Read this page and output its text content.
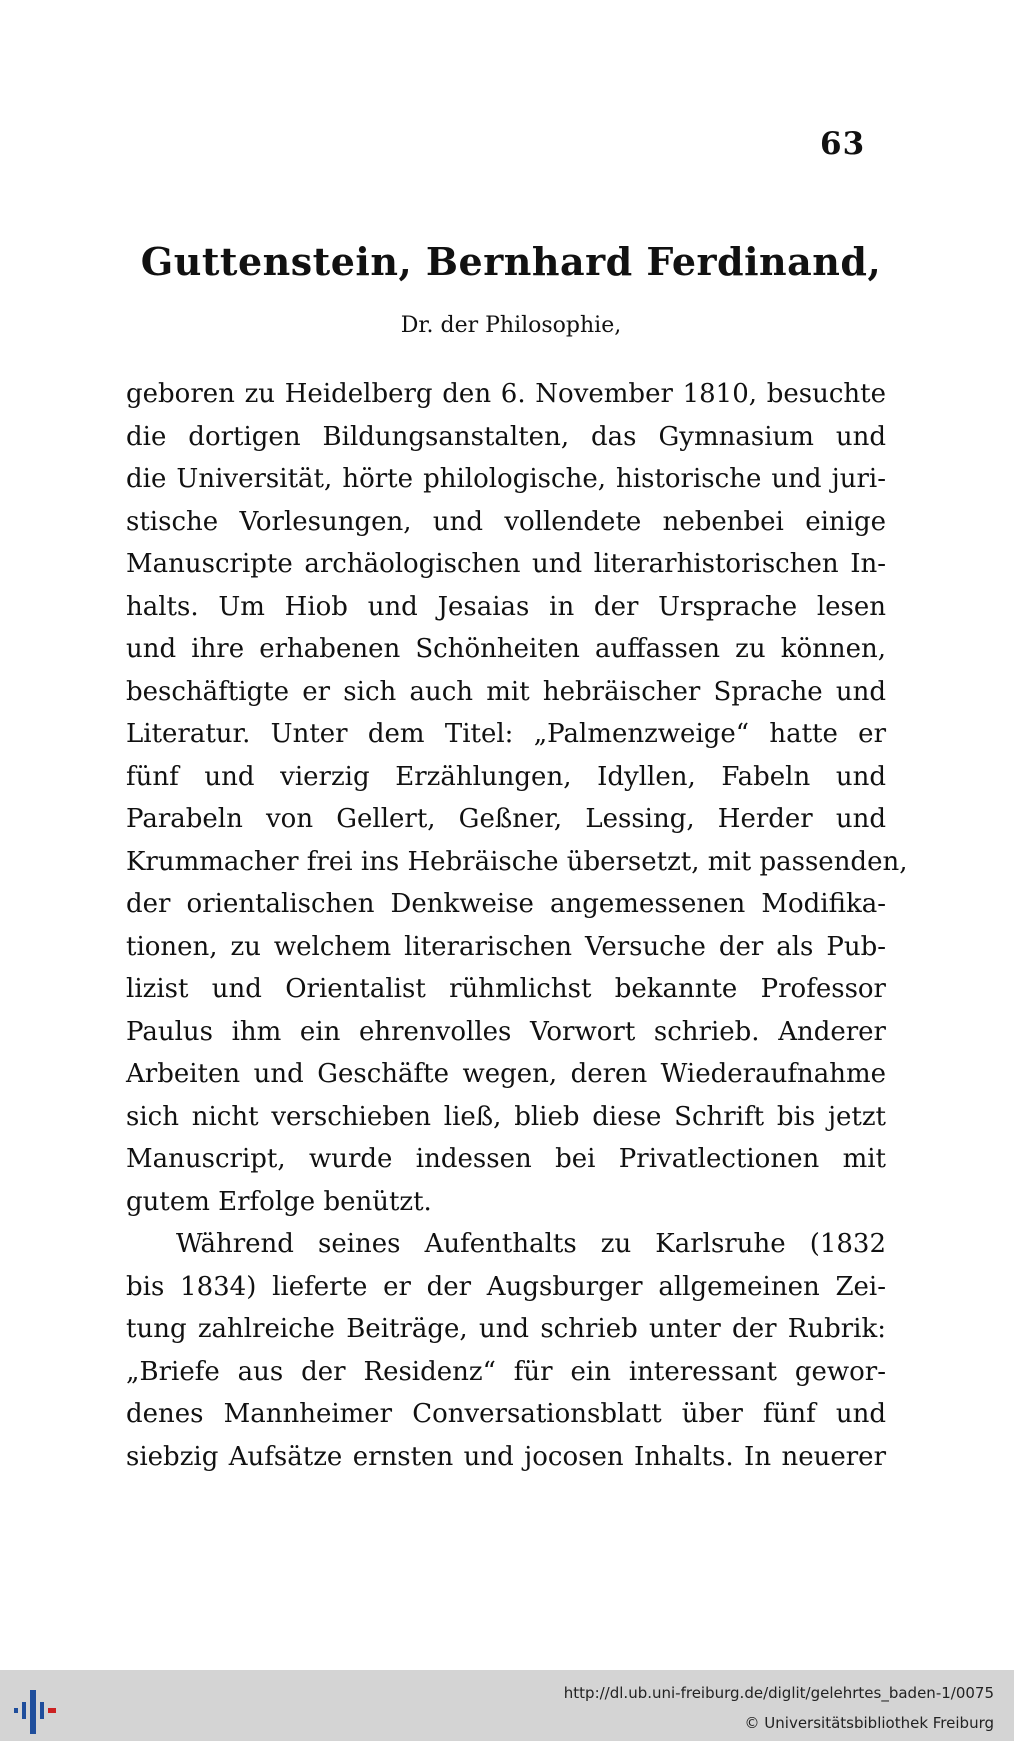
63
Guttenstein, Bernhard Ferdinand,
Dr. der Philosophie,
geboren zu Heidelberg den 6. November 1810, besuchte
die dortigen Bildungsanstalten, das Gymnasium und
die Universität, hörte philologische, historische und juri-
stische Vorlesungen, und vollendete nebenbei einige
Manuscripte archäologischen und literarhistorischen In-
halts. Um Hiob und Jesaias in der Ursprache lesen
und ihre erhabenen Schönheiten auffassen zu können,
beschäftigte er sich auch mit hebräischer Sprache und
Literatur. Unter dem Titel: „Palmenzweige“ hatte er
fünf und vierzig Erzählungen, Idyllen, Fabeln und
Parabeln von Gellert, Geßner, Lessing, Herder und
Krummacher frei ins Hebräische übersetzt, mit passenden,
der orientalischen Denkweise angemessenen Modifika-
tionen, zu welchem literarischen Versuche der als Pub-
lizist und Orientalist rühmlichst bekannte Professor
Paulus ihm ein ehrenvolles Vorwort schrieb. Anderer
Arbeiten und Geschäfte wegen, deren Wiederaufnahme
sich nicht verschieben ließ, blieb diese Schrift bis jetzt
Manuscript, wurde indessen bei Privatlectionen mit
gutem Erfolge benützt.
Während seines Aufenthalts zu Karlsruhe (1832
bis 1834) lieferte er der Augsburger allgemeinen Zei-
tung zahlreiche Beiträge, und schrieb unter der Rubrik:
„Briefe aus der Residenz“ für ein interessant gewor-
denes Mannheimer Conversationsblatt über fünf und
siebzig Aufsätze ernsten und jocosen Inhalts. In neuerer
http://dl.ub.uni-freiburg.de/diglit/gelehrtes_baden-1/0075
© Universitätsbibliothek Freiburg
